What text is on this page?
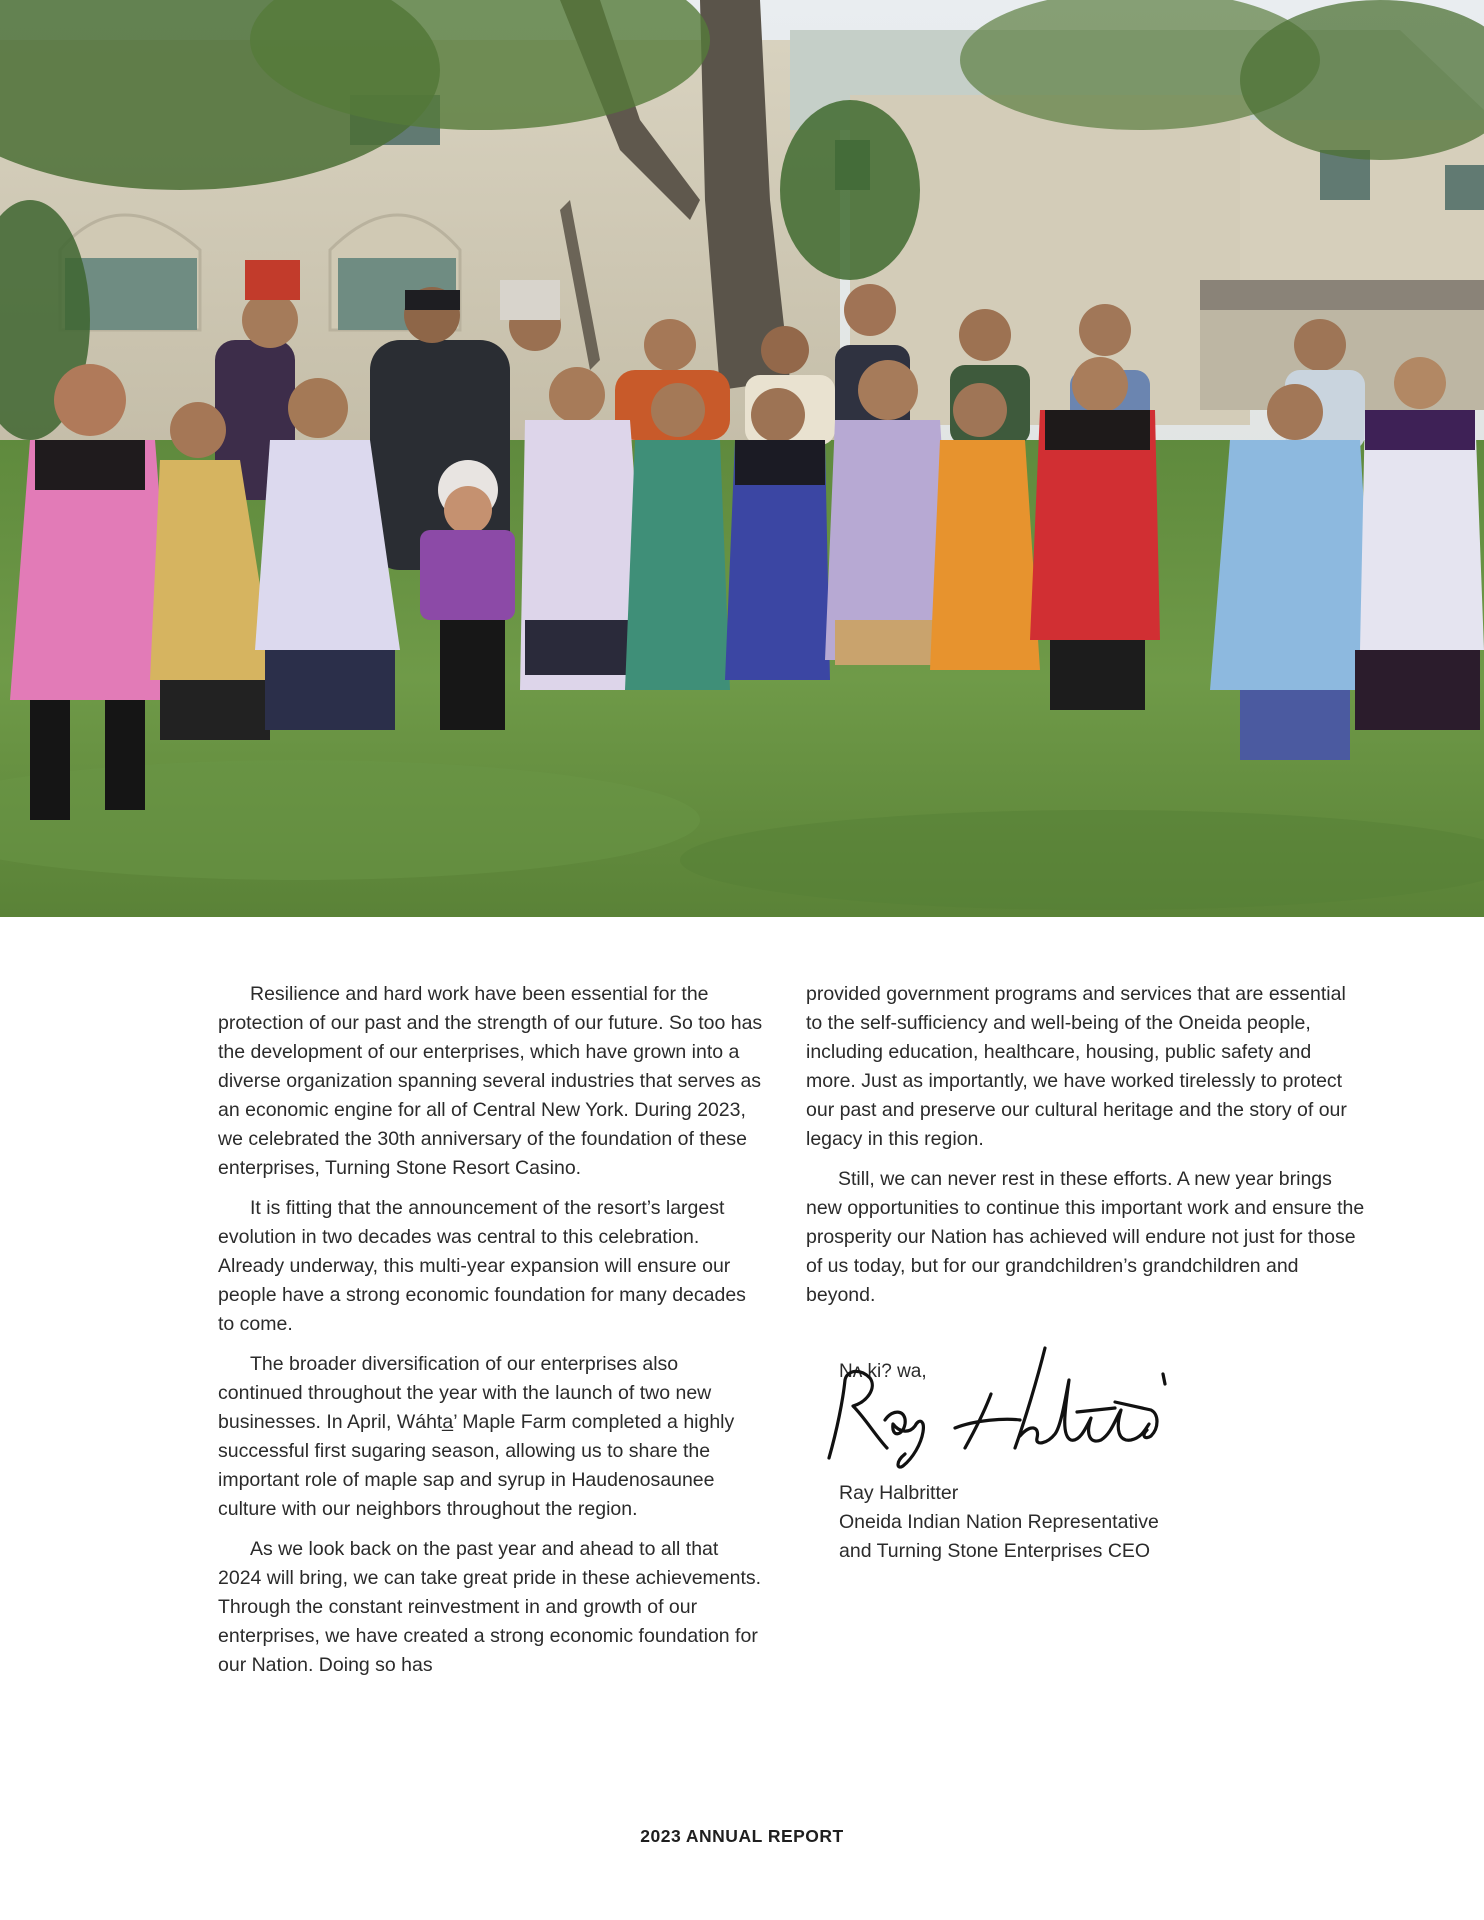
Resilience and hard work have been essential for the protection of our past and the strength of our future. So too has the development of our enterprises, which have grown into a diverse organization spanning several industries that serves as an economic engine for all of Central New York. During 2023, we celebrated the 30th anniversary of the foundation of these enterprises, Turning Stone Resort Casino.

It is fitting that the announcement of the resort’s largest evolution in two decades was central to this celebration. Already underway, this multi-year expansion will ensure our people have a strong economic foundation for many decades to come.

The broader diversification of our enterprises also continued throughout the year with the launch of two new businesses. In April, Wáhta̲’ Maple Farm completed a highly successful first sugaring season, allowing us to share the important role of maple sap and syrup in Haudenosaunee culture with our neighbors throughout the region.

As we look back on the past year and ahead to all that 2024 will bring, we can take great pride in these achievements. Through the constant reinvestment in and growth of our enterprises, we have created a strong economic foundation for our Nation. Doing so has

provided government programs and services that are essential to the self-sufficiency and well-being of the Oneida people, including education, healthcare, housing, public safety and more. Just as importantly, we have worked tirelessly to protect our past and preserve our cultural heritage and the story of our legacy in this region.

Still, we can never rest in these efforts. A new year brings new opportunities to continue this important work and ensure the prosperity our Nation has achieved will endure not just for those of us today, but for our grandchildren’s grandchildren and beyond.

Nʌ ki? wa,
Ray Halbritter
Oneida Indian Nation Representative
and Turning Stone Enterprises CEO
2023 ANNUAL REPORT
